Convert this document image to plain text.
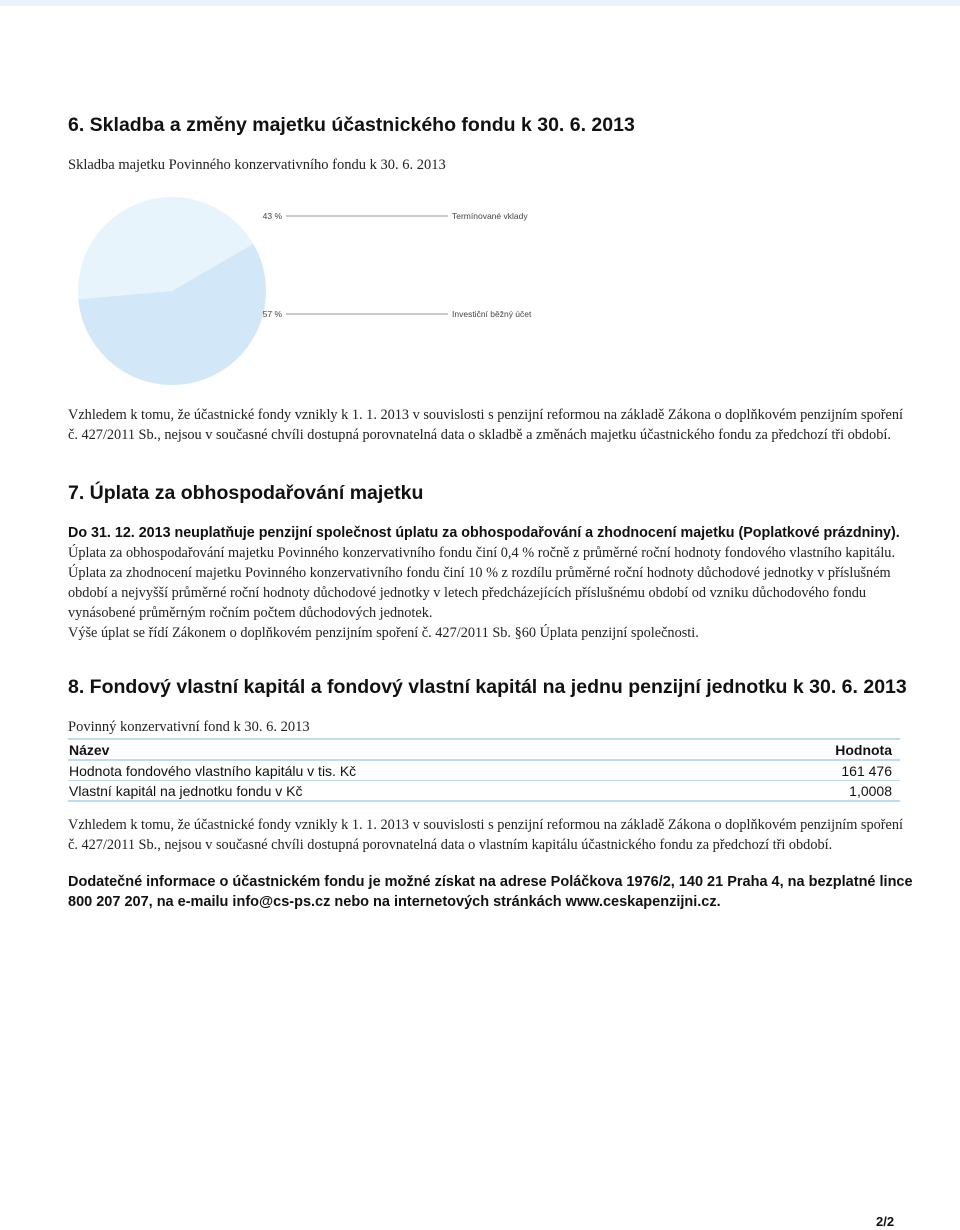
6. Skladba a změny majetku účastnického fondu k 30. 6. 2013
Skladba majetku Povinného konzervativního fondu k 30. 6. 2013
43 %	Termínované vklady
57 %	Investiční běžný účet

Vzhledem k tomu, že účastnické fondy vznikly k 1. 1. 2013 v souvislosti s penzijní reformou na základě Zákona o doplňkovém penzijním spoření
č. 427/2011 Sb., nejsou v současné chvíli dostupná porovnatelná data o skladbě a změnách majetku účastnického fondu za předchozí tři období.

7. Úplata za obhospodařování majetku
Do 31. 12. 2013 neuplatňuje penzijní společnost úplatu za obhospodařování a zhodnocení majetku (Poplatkové prázdniny).

Úplata za obhospodařování majetku Povinného konzervativního fondu činí 0,4 % ročně z průměrné roční hodnoty fondového vlastního kapitálu.
Úplata za zhodnocení majetku Povinného konzervativního fondu činí 10 % z rozdílu průměrné roční hodnoty důchodové jednotky v příslušném
období a nejvyšší průměrné roční hodnoty důchodové jednotky v letech předcházejících příslušnému období od vzniku důchodového fondu
vynásobené průměrným ročním počtem důchodových jednotek.
Výše úplat se řídí Zákonem o doplňkovém penzijním spoření č. 427/2011 Sb. §60 Úplata penzijní společnosti.

8. Fondový vlastní kapitál a fondový vlastní kapitál na jednu penzijní jednotku k 30. 6. 2013
Povinný konzervativní fond k 30. 6. 2013
Název	Hodnota
Hodnota fondového vlastního kapitálu v tis. Kč	161 476
Vlastní kapitál na jednotku fondu v Kč	1,0008

Vzhledem k tomu, že účastnické fondy vznikly k 1. 1. 2013 v souvislosti s penzijní reformou na základě Zákona o doplňkovém penzijním spoření
č. 427/2011 Sb., nejsou v současné chvíli dostupná porovnatelná data o vlastním kapitálu účastnického fondu za předchozí tři období.

Dodatečné informace o účastnickém fondu je možné získat na adrese Poláčkova 1976/2, 140 21 Praha 4, na bezplatné lince
800 207 207, na e-mailu info@cs-ps.cz nebo na internetových stránkách www.ceskapenzijni.cz.
2/2
